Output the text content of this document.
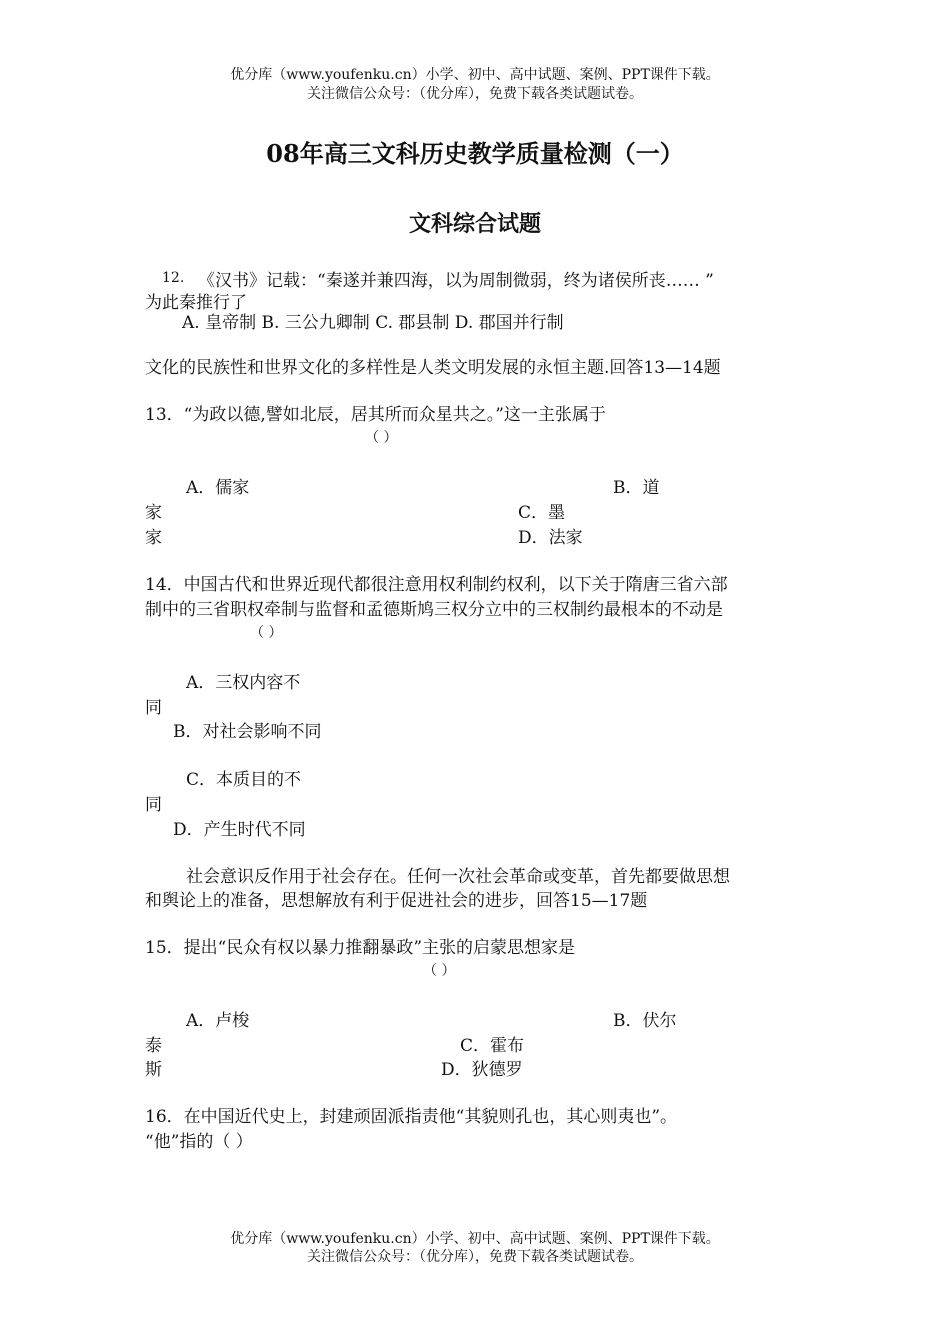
优分库（www.youfenku.cn）小学、初中、高中试题、案例、PPT课件下载。
关注微信公众号：（优分库），免费下载各类试题试卷。
08年高三文科历史教学质量检测（一）
文科综合试题
12. 《汉书》记载：“秦遂并兼四海，以为周制微弱，终为诸侯所丧…… ”
为此秦推行了
A. 皇帝制 B. 三公九卿制 C. 郡县制 D. 郡国并行制
文化的民族性和世界文化的多样性是人类文明发展的永恒主题.回答13—14题
13．“为政以德,譬如北辰，居其所而众星共之。”这一主张属于
（ ）
A．儒家	B．道
家	C．墨
家	D．法家
14．中国古代和世界近现代都很注意用权利制约权利，以下关于隋唐三省六部
制中的三省职权牵制与监督和孟德斯鸠三权分立中的三权制约最根本的不动是
（ ）
A．三权内容不
同
B．对社会影响不同
C．本质目的不
同
D．产生时代不同
社会意识反作用于社会存在。任何一次社会革命或变革，首先都要做思想
和舆论上的准备，思想解放有利于促进社会的进步，回答15—17题
15．提出“民众有权以暴力推翻暴政”主张的启蒙思想家是
（ ）
A．卢梭	B．伏尔
泰	C．霍布
斯	D．狄德罗
16．在中国近代史上，封建顽固派指责他“其貌则孔也，其心则夷也”。
“他”指的（ ）
优分库（www.youfenku.cn）小学、初中、高中试题、案例、PPT课件下载。
关注微信公众号：（优分库），免费下载各类试题试卷。
